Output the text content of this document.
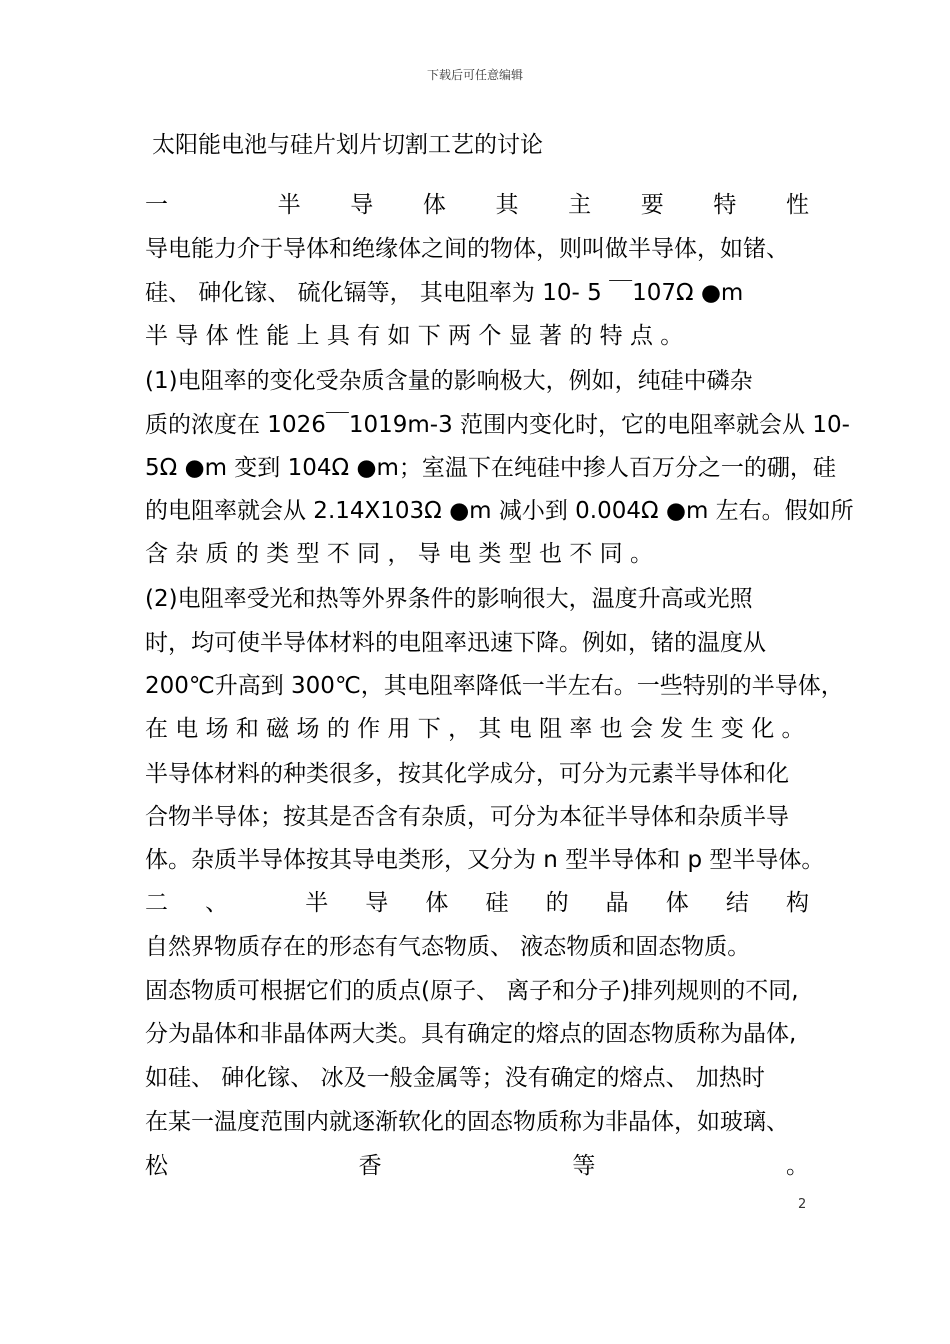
下载后可任意编辑
太阳能电池与硅片划片切割工艺的讨论
一	半 导 体 其 主 要 特 性
导电能力介于导体和绝缘体之间的物体，则叫做半导体，如锗、
硅、 砷化镓、 硫化镉等， 其电阻率为 10- 5 ￣107Ω ●m
半 导 体 性 能 上 具 有 如 下 两 个 显 著 的 特 点 。
(1)电阻率的变化受杂质含量的影响极大，例如，纯硅中磷杂
质的浓度在 1026￣1019m-3 范围内变化时，它的电阻率就会从 10-
5Ω ●m 变到 104Ω ●m；室温下在纯硅中掺人百万分之一的硼，硅
的电阻率就会从 2.14X103Ω ●m 减小到 0.004Ω ●m 左右。假如所
含 杂 质 的 类 型 不 同 ， 导 电 类 型 也 不 同 。
(2)电阻率受光和热等外界条件的影响很大，温度升高或光照
时，均可使半导体材料的电阻率迅速下降。例如，锗的温度从
200℃升高到 300℃，其电阻率降低一半左右。一些特别的半导体，
在 电 场 和 磁 场 的 作 用 下 ， 其 电 阻 率 也 会 发 生 变 化 。
半导体材料的种类很多，按其化学成分，可分为元素半导体和化
合物半导体；按其是否含有杂质，可分为本征半导体和杂质半导
体。杂质半导体按其导电类形，又分为 n 型半导体和 p 型半导体。
二 、	半 导 体 硅 的 晶 体 结 构
自然界物质存在的形态有气态物质、 液态物质和固态物质。
固态物质可根据它们的质点(原子、 离子和分子)排列规则的不同,
分为晶体和非晶体两大类。具有确定的熔点的固态物质称为晶体,
如硅、 砷化镓、 冰及一般金属等；没有确定的熔点、 加热时
在某一温度范围内就逐渐软化的固态物质称为非晶体，如玻璃、
松	香	等	。
2
